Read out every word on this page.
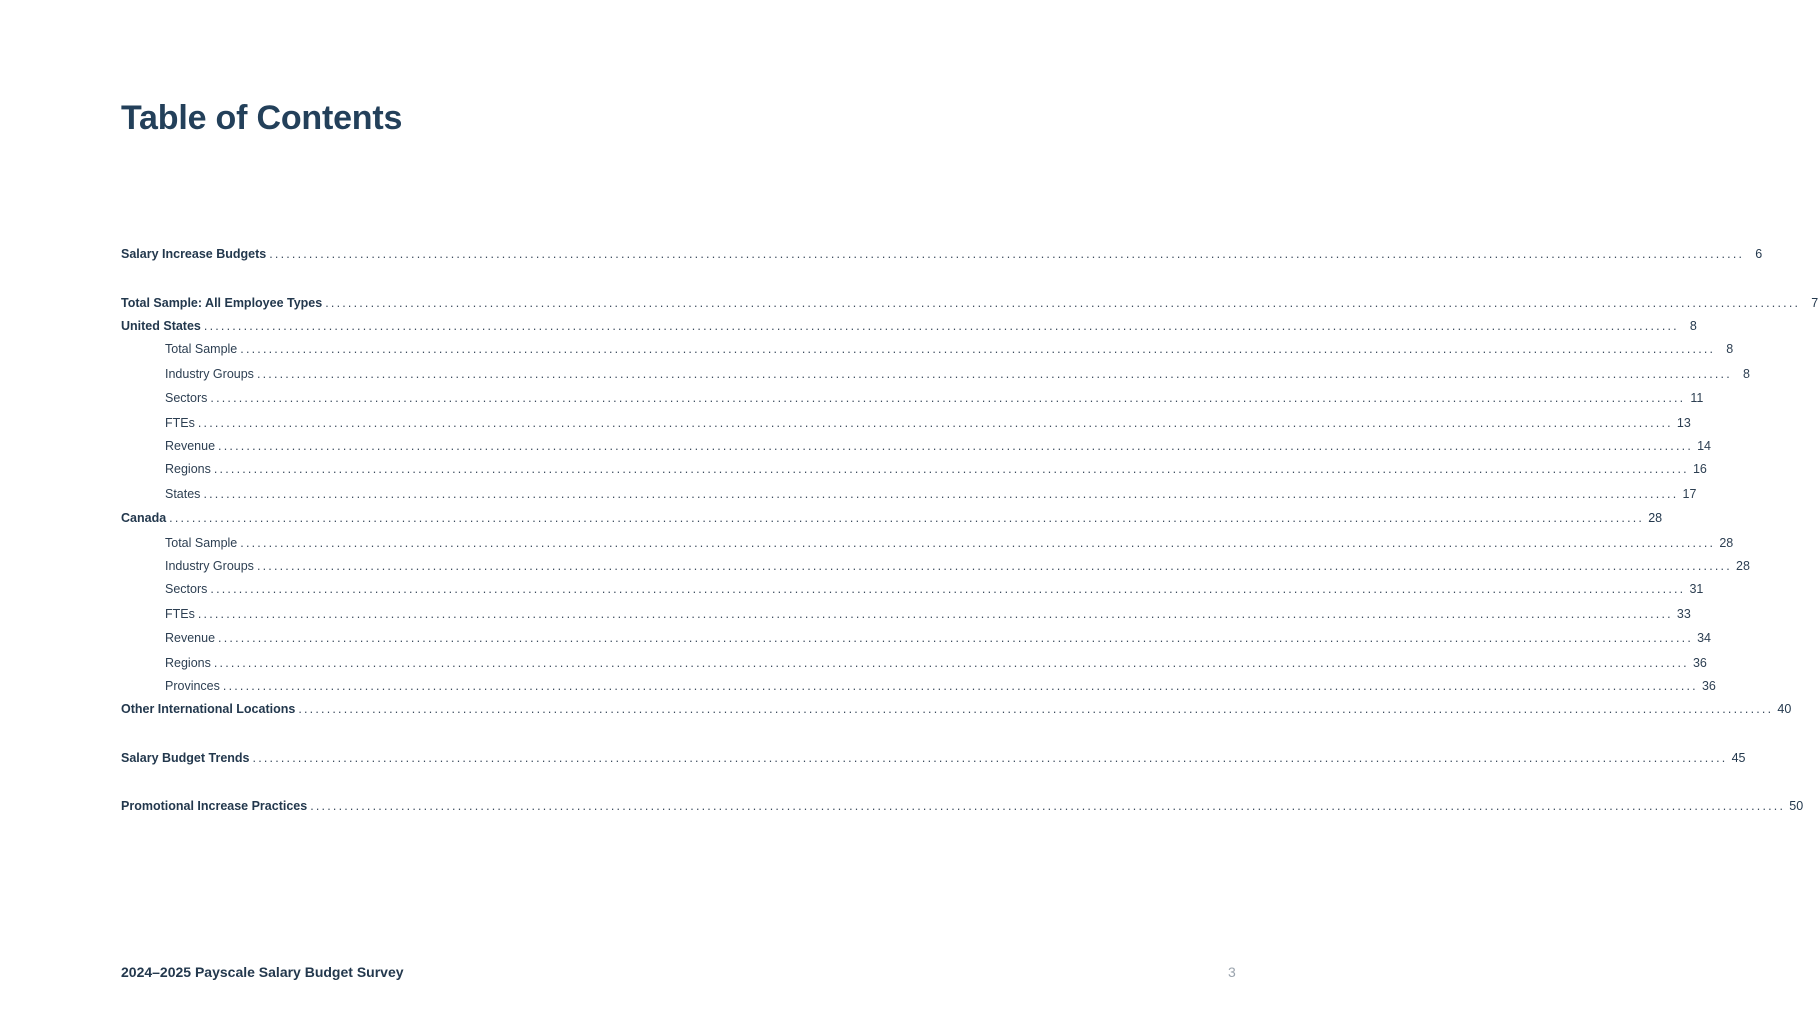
Table of Contents
Salary Increase Budgets .................................................................................................................................................................................................................................................................... 6
Total Sample: All Employee Types .................................................................................................................................................................................................................................................................... 7
United States .................................................................................................................................................................................................................................................................... 8
Total Sample .................................................................................................................................................................................................................................................................... 8
Industry Groups .................................................................................................................................................................................................................................................................... 8
Sectors .................................................................................................................................................................................................................................................................... 11
FTEs .................................................................................................................................................................................................................................................................... 13
Revenue .................................................................................................................................................................................................................................................................... 14
Regions .................................................................................................................................................................................................................................................................... 16
States .................................................................................................................................................................................................................................................................... 17
Canada .................................................................................................................................................................................................................................................................... 28
Total Sample .................................................................................................................................................................................................................................................................... 28
Industry Groups .................................................................................................................................................................................................................................................................... 28
Sectors .................................................................................................................................................................................................................................................................... 31
FTEs .................................................................................................................................................................................................................................................................... 33
Revenue .................................................................................................................................................................................................................................................................... 34
Regions .................................................................................................................................................................................................................................................................... 36
Provinces .................................................................................................................................................................................................................................................................... 36
Other International Locations .................................................................................................................................................................................................................................................................... 40
Salary Budget Trends .................................................................................................................................................................................................................................................................... 45
Promotional Increase Practices .................................................................................................................................................................................................................................................................... 50
2024–2025 Payscale Salary Budget Survey	3
